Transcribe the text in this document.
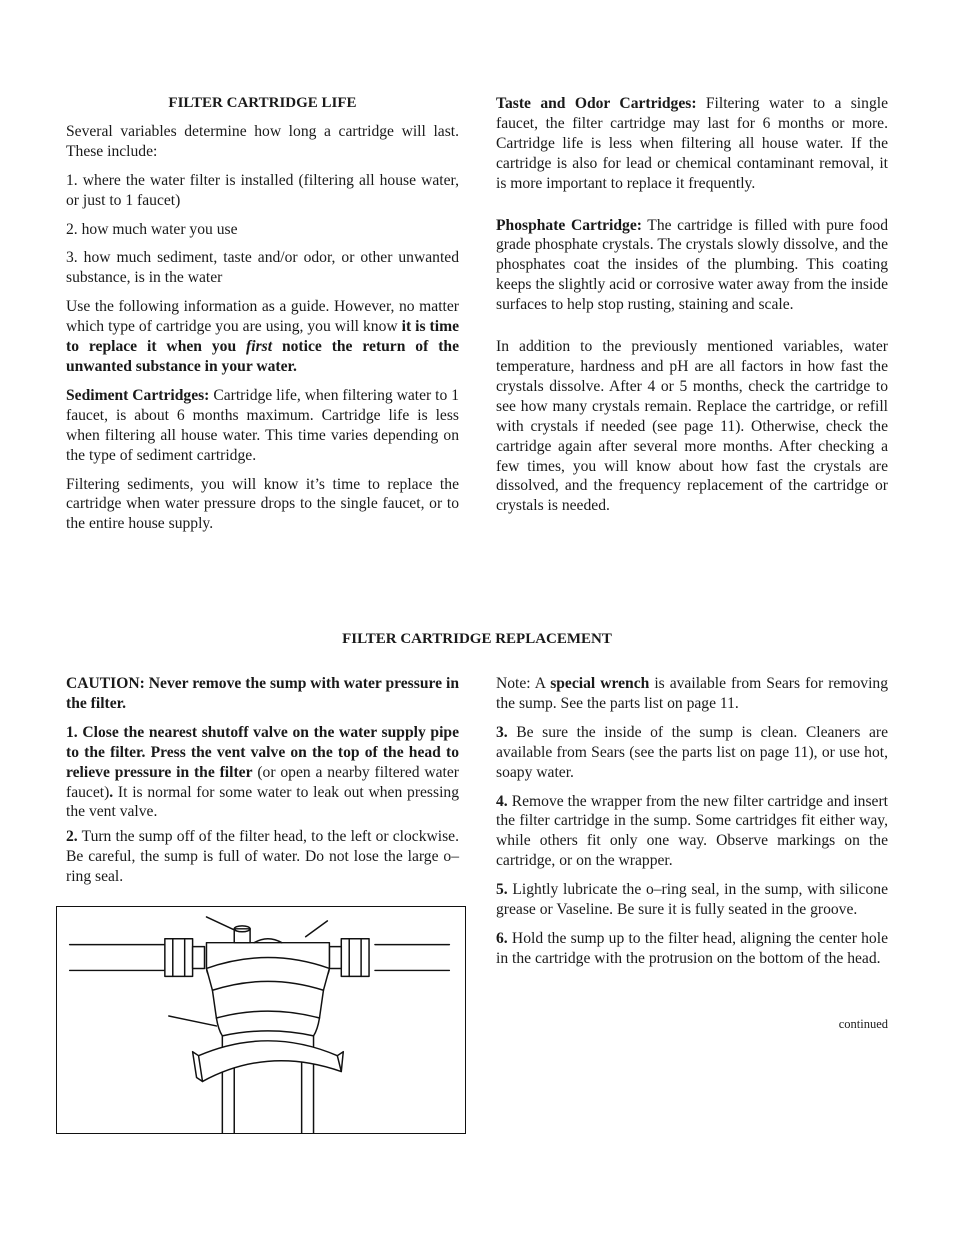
FILTER CARTRIDGE LIFE

Several variables determine how long a cartridge will last. These include:

1. where the water filter is installed (filtering all house water, or just to 1 faucet)

2. how much water you use

3. how much sediment, taste and/or odor, or other unwanted substance, is in the water

Use the following information as a guide. However, no matter which type of cartridge you are using, you will know it is time to replace it when you first notice the return of the unwanted substance in your water.

Sediment Cartridges: Cartridge life, when filtering water to 1 faucet, is about 6 months maximum. Cartridge life is less when filtering all house water. This time varies depending on the type of sediment cartridge.

Filtering sediments, you will know it’s time to replace the cartridge when water pressure drops to the single faucet, or to the entire house supply.

Taste and Odor Cartridges: Filtering water to a single faucet, the filter cartridge may last for 6 months or more. Cartridge life is less when filtering all house water. If the cartridge is also for lead or chemical contaminant removal, it is more important to replace it frequently.

Phosphate Cartridge: The cartridge is filled with pure food grade phosphate crystals. The crystals slowly dissolve, and the phosphates coat the insides of the plumbing. This coating keeps the slightly acid or corrosive water away from the inside surfaces to help stop rusting, staining and scale.

In addition to the previously mentioned variables, water temperature, hardness and pH are all factors in how fast the crystals dissolve. After 4 or 5 months, check the cartridge to see how many crystals remain. Replace the cartridge, or refill with crystals if needed (see page 11). Otherwise, check the cartridge again after several more months. After checking a few times, you will know about how fast the crystals are dissolved, and the frequency replacement of the cartridge or crystals is needed.

FILTER CARTRIDGE REPLACEMENT

CAUTION: Never remove the sump with water pressure in the filter.

1. Close the nearest shutoff valve on the water supply pipe to the filter. Press the vent valve on the top of the head to relieve pressure in the filter (or open a nearby filtered water faucet). It is normal for some water to leak out when pressing the vent valve.

2. Turn the sump off of the filter head, to the left or clockwise. Be careful, the sump is full of water. Do not lose the large o–ring seal.

Note: A special wrench is available from Sears for removing the sump. See the parts list on page 11.

3. Be sure the inside of the sump is clean. Cleaners are available from Sears (see the parts list on page 11), or use hot, soapy water.

4. Remove the wrapper from the new filter cartridge and insert the filter cartridge in the sump. Some cartridges fit either way, while others fit only one way. Observe markings on the cartridge, or on the wrapper.

5. Lightly lubricate the o–ring seal, in the sump, with silicone grease or Vaseline. Be sure it is fully seated in the groove.

6. Hold the sump up to the filter head, aligning the center hole in the cartridge with the protrusion on the bottom of the head.

continued
